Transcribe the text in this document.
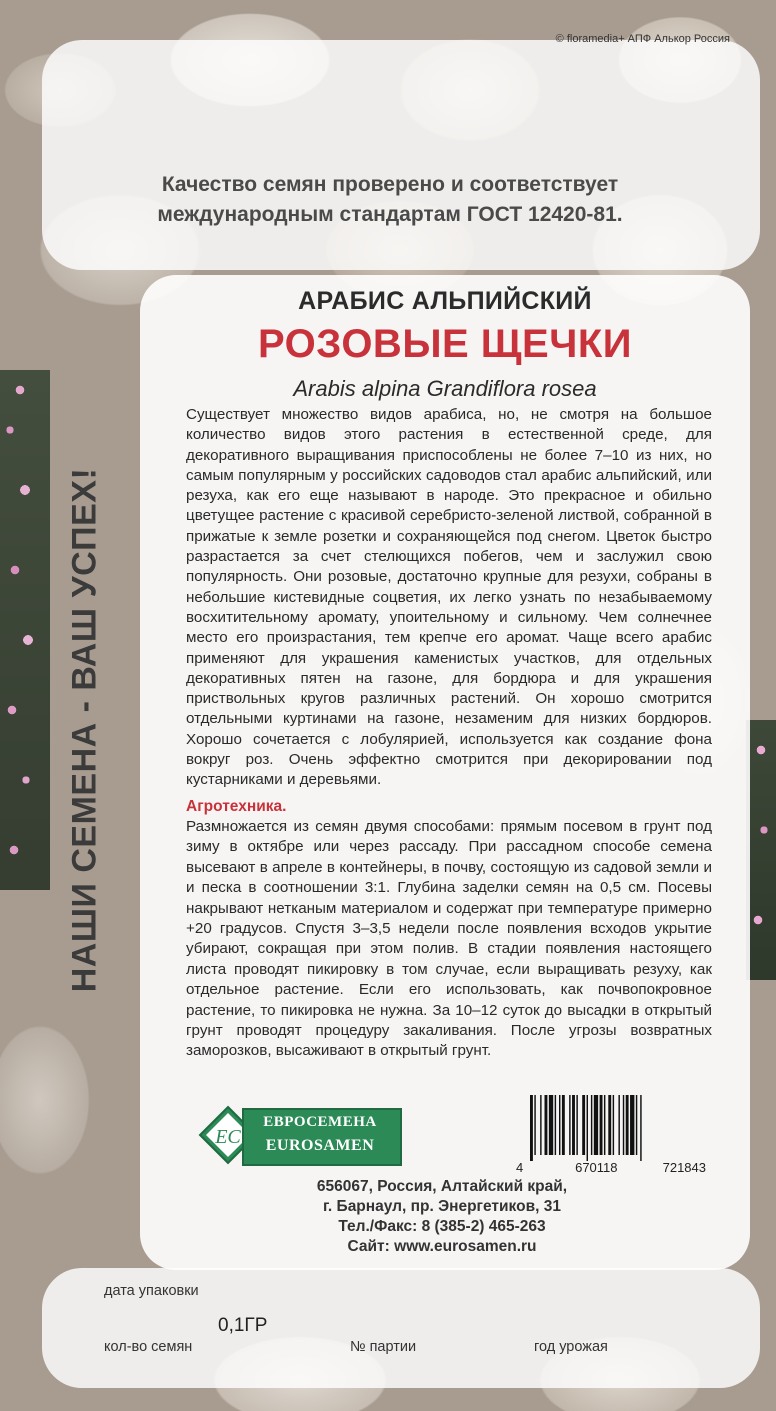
© floramedia+ АПФ Алькор Россия
Качество семян проверено и соответствует
международным стандартам ГОСТ 12420-81.
НАШИ СЕМЕНА - ВАШ УСПЕХ!
АРАБИС АЛЬПИЙСКИЙ
РОЗОВЫЕ ЩЕЧКИ
Arabis alpina Grandiflora rosea
Существует множество видов арабиса, но, не смотря на большое количество видов этого растения в естественной среде, для декоративного выращивания приспособлены не более 7–10 из них, но самым популярным у российских садоводов стал арабис альпийский, или резуха, как его еще называют в народе. Это прекрасное и обильно цветущее растение с красивой серебристо-зеленой листвой, собранной в прижатые к земле розетки и сохраняющейся под снегом. Цветок быстро разрастается за счет стелющихся побегов, чем и заслужил свою популярность. Они розовые, достаточно крупные для резухи, собраны в небольшие кистевидные соцветия, их легко узнать по незабываемому восхитительному аромату, упоительному и сильному. Чем солнечнее место его произрастания, тем крепче его аромат. Чаще всего арабис применяют для украшения каменистых участков, для отдельных декоративных пятен на газоне, для бордюра и для украшения приствольных кругов различных растений. Он хорошо смотрится отдельными куртинами на газоне, незаменим для низких бордюров. Хорошо сочетается с лобулярией, используется как создание фона вокруг роз. Очень эффектно смотрится при декорировании под кустарниками и деревьями.
Агротехника.
Размножается из семян двумя способами: прямым посевом в грунт под зиму в октябре или через рассаду. При рассадном способе семена высевают в апреле в контейнеры, в почву, состоящую из садовой земли и и песка в соотношении 3:1. Глубина заделки семян на 0,5 см. Посевы накрывают нетканым материалом и содержат при температуре примерно +20 градусов. Спустя 3–3,5 недели после появления всходов укрытие убирают, сокращая при этом полив. В стадии появления настоящего листа проводят пикировку в том случае, если выращивать резуху, как отдельное растение. Если его использовать, как почвопокровное растение, то пикировка не нужна. За 10–12 суток до высадки в открытый грунт проводят процедуру закаливания. После угрозы возвратных заморозков, высаживают в открытый грунт.
ЕС
ЕВРОСЕМЕНА
EUROSAMEN
4	670118	721843
656067, Россия, Алтайский край,
г. Барнаул, пр. Энергетиков, 31
Тел./Факс: 8 (385-2) 465-263
Сайт: www.eurosamen.ru
дата упаковки
0,1ГР
кол-во семян	№ партии	год урожая
